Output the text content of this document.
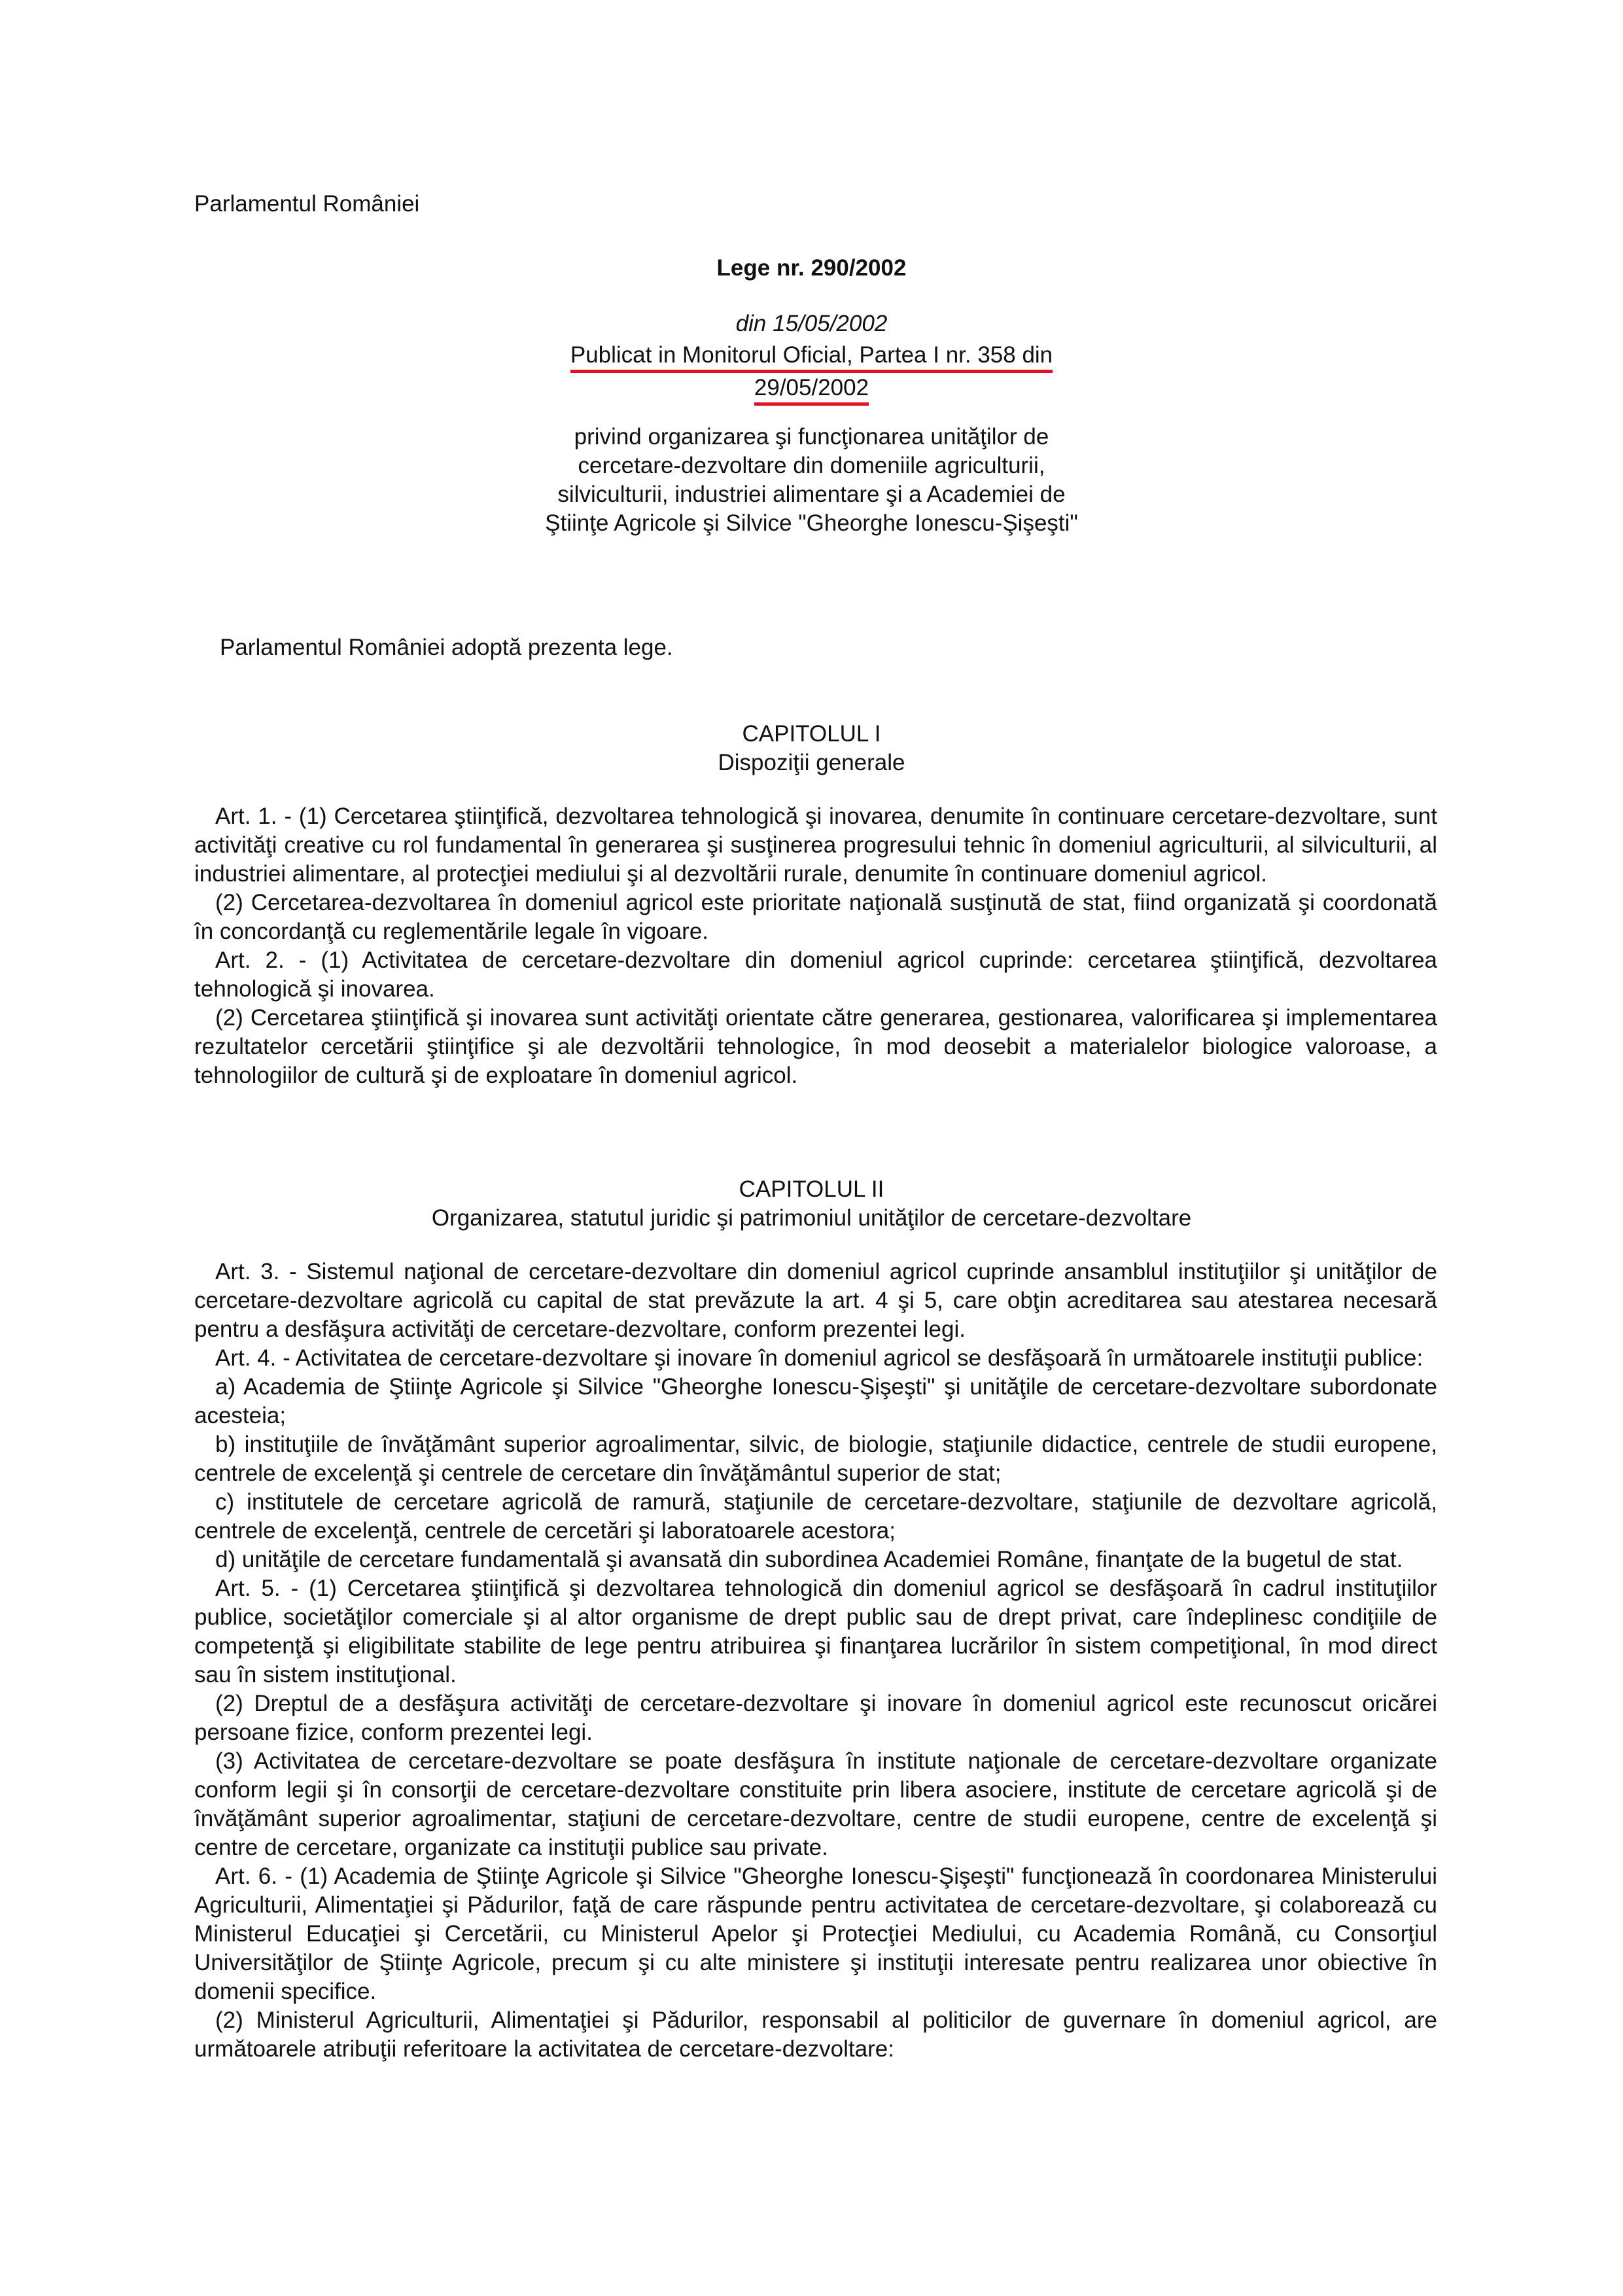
Parlamentul României
Lege nr. 290/2002
din 15/05/2002
Publicat in Monitorul Oficial, Partea I nr. 358 din
29/05/2002
privind organizarea şi funcţionarea unităţilor de
cercetare-dezvoltare din domeniile agriculturii,
silviculturii, industriei alimentare şi a Academiei de
Ştiinţe Agricole şi Silvice "Gheorghe Ionescu-Şişeşti"
Parlamentul României adoptă prezenta lege.
CAPITOLUL I
Dispoziţii generale

Art. 1. - (1) Cercetarea ştiinţifică, dezvoltarea tehnologică şi inovarea, denumite în continuare cercetare-dezvoltare, sunt activităţi creative cu rol fundamental în generarea şi susţinerea progresului tehnic în domeniul agriculturii, al silviculturii, al industriei alimentare, al protecţiei mediului şi al dezvoltării rurale, denumite în continuare domeniul agricol.

(2) Cercetarea-dezvoltarea în domeniul agricol este prioritate naţională susţinută de stat, fiind organizată şi coordonată în concordanţă cu reglementările legale în vigoare.

Art. 2. - (1) Activitatea de cercetare-dezvoltare din domeniul agricol cuprinde: cercetarea ştiinţifică, dezvoltarea tehnologică şi inovarea.

(2) Cercetarea ştiinţifică şi inovarea sunt activităţi orientate către generarea, gestionarea, valorificarea şi implementarea rezultatelor cercetării ştiinţifice şi ale dezvoltării tehnologice, în mod deosebit a materialelor biologice valoroase, a tehnologiilor de cultură şi de exploatare în domeniul agricol.

CAPITOLUL II
Organizarea, statutul juridic şi patrimoniul unităţilor de cercetare-dezvoltare

Art. 3. - Sistemul naţional de cercetare-dezvoltare din domeniul agricol cuprinde ansamblul instituţiilor şi unităţilor de cercetare-dezvoltare agricolă cu capital de stat prevăzute la art. 4 şi 5, care obţin acreditarea sau atestarea necesară pentru a desfăşura activităţi de cercetare-dezvoltare, conform prezentei legi.

Art. 4. - Activitatea de cercetare-dezvoltare şi inovare în domeniul agricol se desfăşoară în următoarele instituţii publice:

a) Academia de Ştiinţe Agricole şi Silvice "Gheorghe Ionescu-Şişeşti" şi unităţile de cercetare-dezvoltare subordonate acesteia;

b) instituţiile de învăţământ superior agroalimentar, silvic, de biologie, staţiunile didactice, centrele de studii europene, centrele de excelenţă şi centrele de cercetare din învăţământul superior de stat;

c) institutele de cercetare agricolă de ramură, staţiunile de cercetare-dezvoltare, staţiunile de dezvoltare agricolă, centrele de excelenţă, centrele de cercetări şi laboratoarele acestora;

d) unităţile de cercetare fundamentală şi avansată din subordinea Academiei Române, finanţate de la bugetul de stat.

Art. 5. - (1) Cercetarea ştiinţifică şi dezvoltarea tehnologică din domeniul agricol se desfăşoară în cadrul instituţiilor publice, societăţilor comerciale şi al altor organisme de drept public sau de drept privat, care îndeplinesc condiţiile de competenţă şi eligibilitate stabilite de lege pentru atribuirea şi finanţarea lucrărilor în sistem competiţional, în mod direct sau în sistem instituţional.

(2) Dreptul de a desfăşura activităţi de cercetare-dezvoltare şi inovare în domeniul agricol este recunoscut oricărei persoane fizice, conform prezentei legi.

(3) Activitatea de cercetare-dezvoltare se poate desfăşura în institute naţionale de cercetare-dezvoltare organizate conform legii şi în consorţii de cercetare-dezvoltare constituite prin libera asociere, institute de cercetare agricolă şi de învăţământ superior agroalimentar, staţiuni de cercetare-dezvoltare, centre de studii europene, centre de excelenţă şi centre de cercetare, organizate ca instituţii publice sau private.

Art. 6. - (1) Academia de Ştiinţe Agricole şi Silvice "Gheorghe Ionescu-Şişeşti" funcţionează în coordonarea Ministerului Agriculturii, Alimentaţiei şi Pădurilor, faţă de care răspunde pentru activitatea de cercetare-dezvoltare, şi colaborează cu Ministerul Educaţiei şi Cercetării, cu Ministerul Apelor şi Protecţiei Mediului, cu Academia Română, cu Consorţiul Universităţilor de Ştiinţe Agricole, precum şi cu alte ministere şi instituţii interesate pentru realizarea unor obiective în domenii specifice.

(2) Ministerul Agriculturii, Alimentaţiei şi Pădurilor, responsabil al politicilor de guvernare în domeniul agricol, are următoarele atribuţii referitoare la activitatea de cercetare-dezvoltare:
